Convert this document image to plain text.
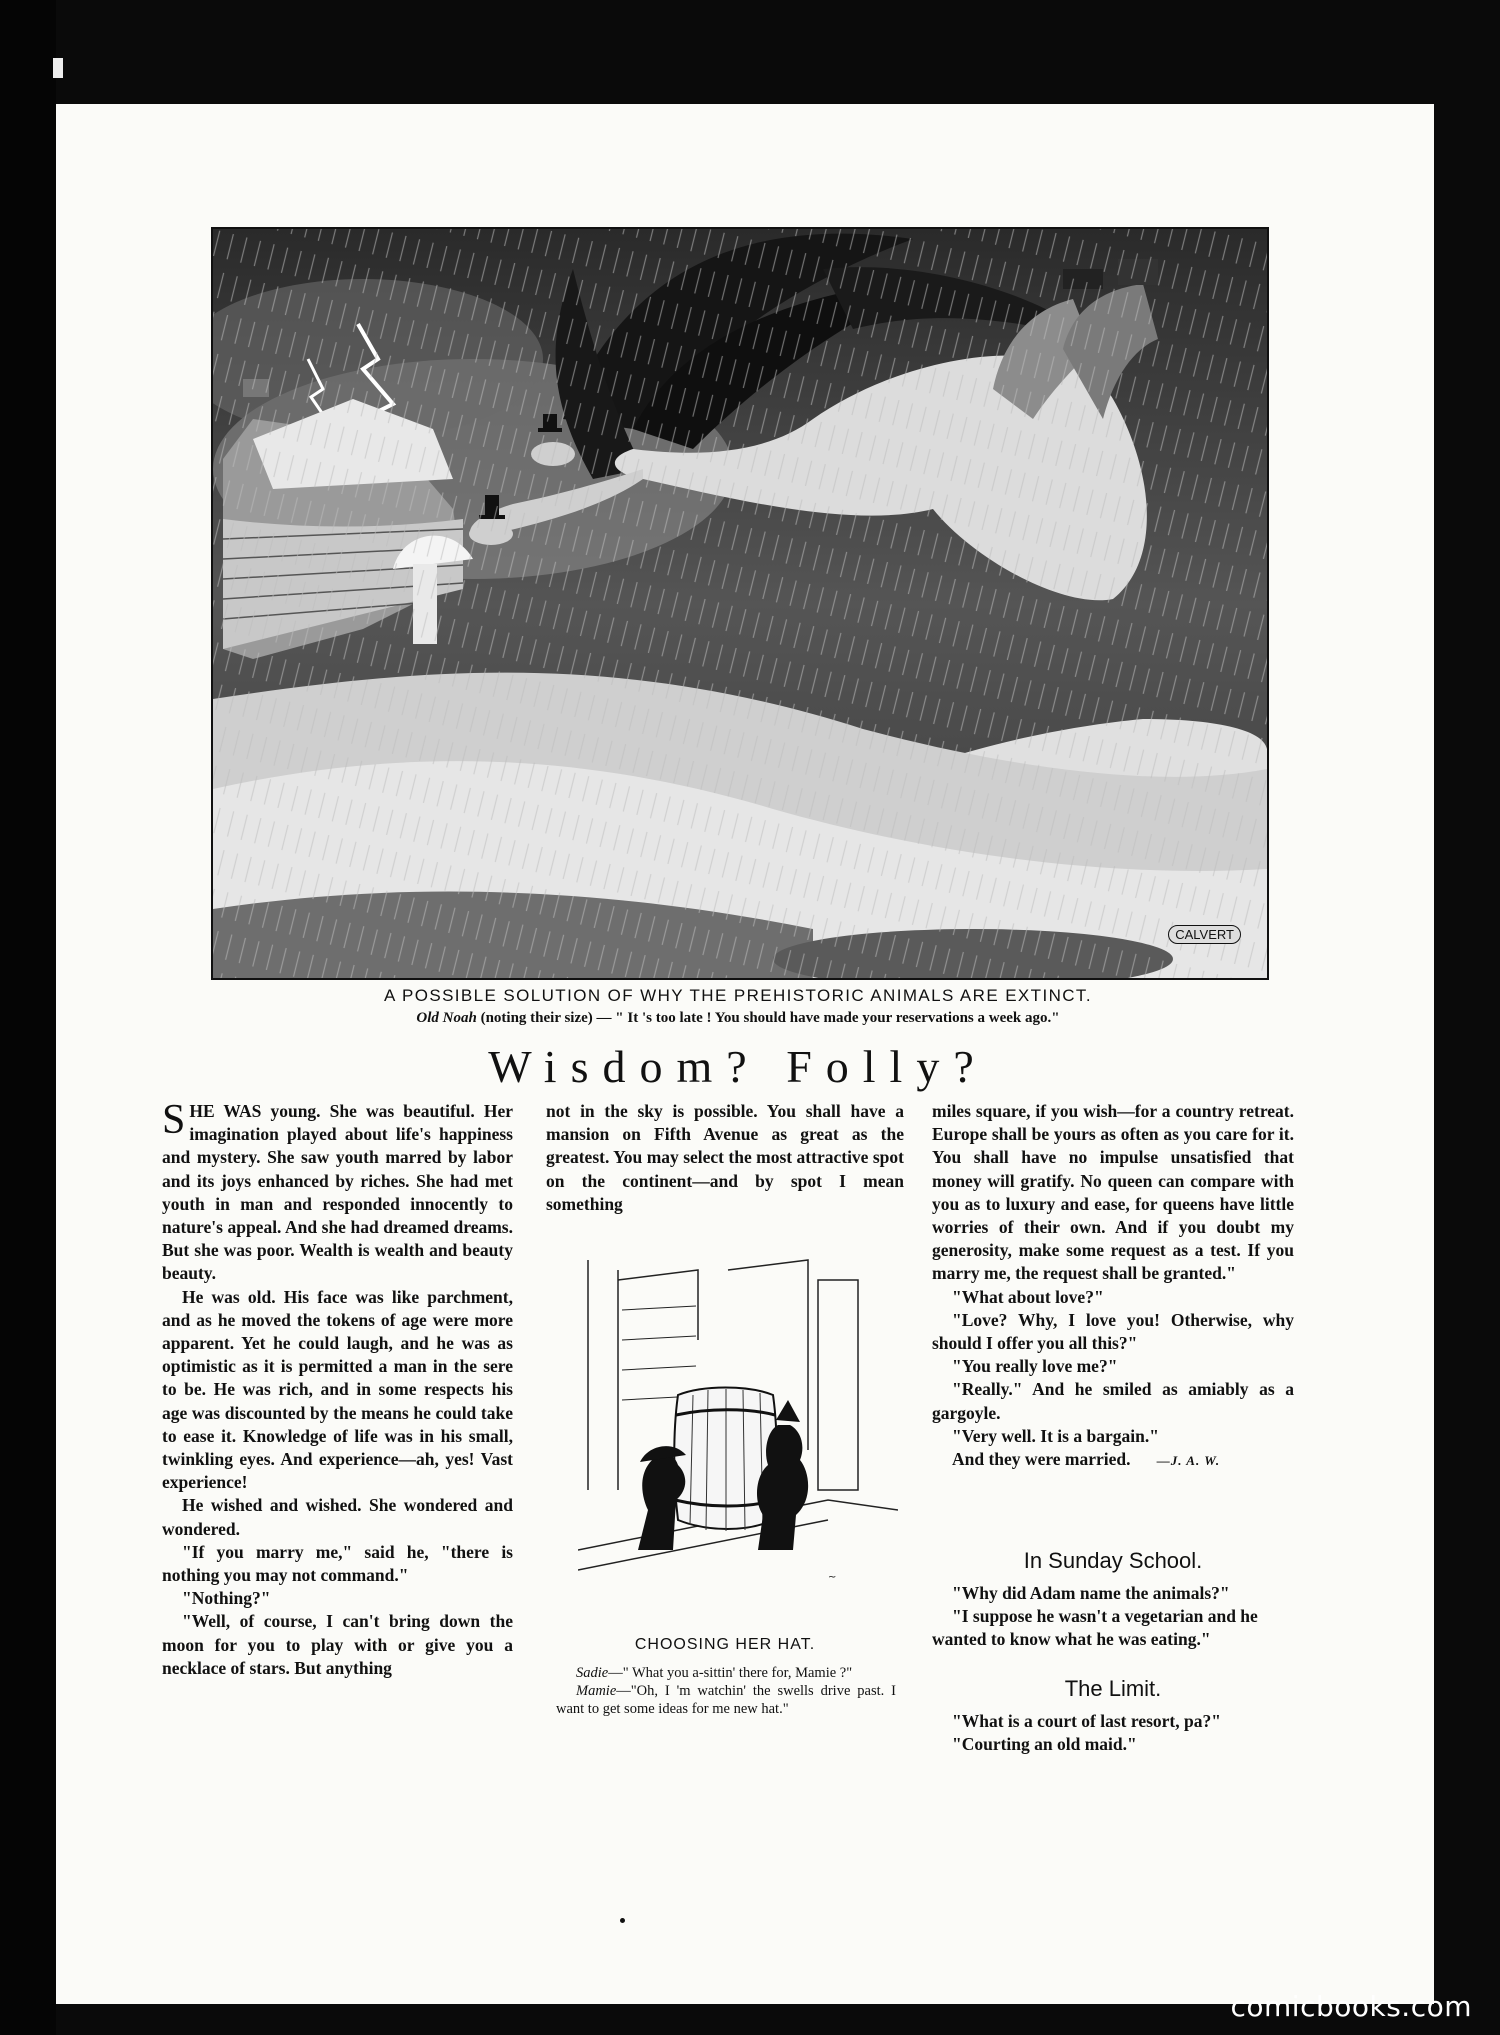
CALVERT
A POSSIBLE SOLUTION OF WHY THE PREHISTORIC ANIMALS ARE EXTINCT.
Old Noah (noting their size) — " It 's too late ! You should have made your reservations a week ago."
Wisdom? Folly?

SHE WAS young. She was beautiful. Her imagination played about life's happiness and mystery. She saw youth marred by labor and its joys enhanced by riches. She had met youth in man and responded innocently to nature's appeal. And she had dreamed dreams. But she was poor. Wealth is wealth and beauty beauty.

He was old. His face was like parchment, and as he moved the tokens of age were more apparent. Yet he could laugh, and he was as optimistic as it is permitted a man in the sere to be. He was rich, and in some respects his age was discounted by the means he could take to ease it. Knowledge of life was in his small, twinkling eyes. And experience—ah, yes! Vast experience!

He wished and wished. She wondered and wondered.

"If you marry me," said he, "there is nothing you may not command."

"Nothing?"

"Well, of course, I can't bring down the moon for you to play with or give you a necklace of stars. But anything

not in the sky is possible. You shall have a mansion on Fifth Avenue as great as the greatest. You may select the most attractive spot on the continent—and by spot I mean something

~
CHOOSING HER HAT.

Sadie—" What you a-sittin' there for, Mamie ?"

Mamie—"Oh, I 'm watchin' the swells drive past. I want to get some ideas for me new hat."

miles square, if you wish—for a country retreat. Europe shall be yours as often as you care for it. You shall have no impulse unsatisfied that money will gratify. No queen can compare with you as to luxury and ease, for queens have little worries of their own. And if you doubt my generosity, make some request as a test. If you marry me, the request shall be granted."

"What about love?"

"Love? Why, I love you! Otherwise, why should I offer you all this?"

"You really love me?"

"Really." And he smiled as amiably as a gargoyle.

"Very well. It is a bargain."

And they were married. —J. A. W.

In Sunday School.

"Why did Adam name the animals?"

"I suppose he wasn't a vegetarian and he wanted to know what he was eating."

The Limit.

"What is a court of last resort, pa?"

"Courting an old maid."

comicbooks.com
